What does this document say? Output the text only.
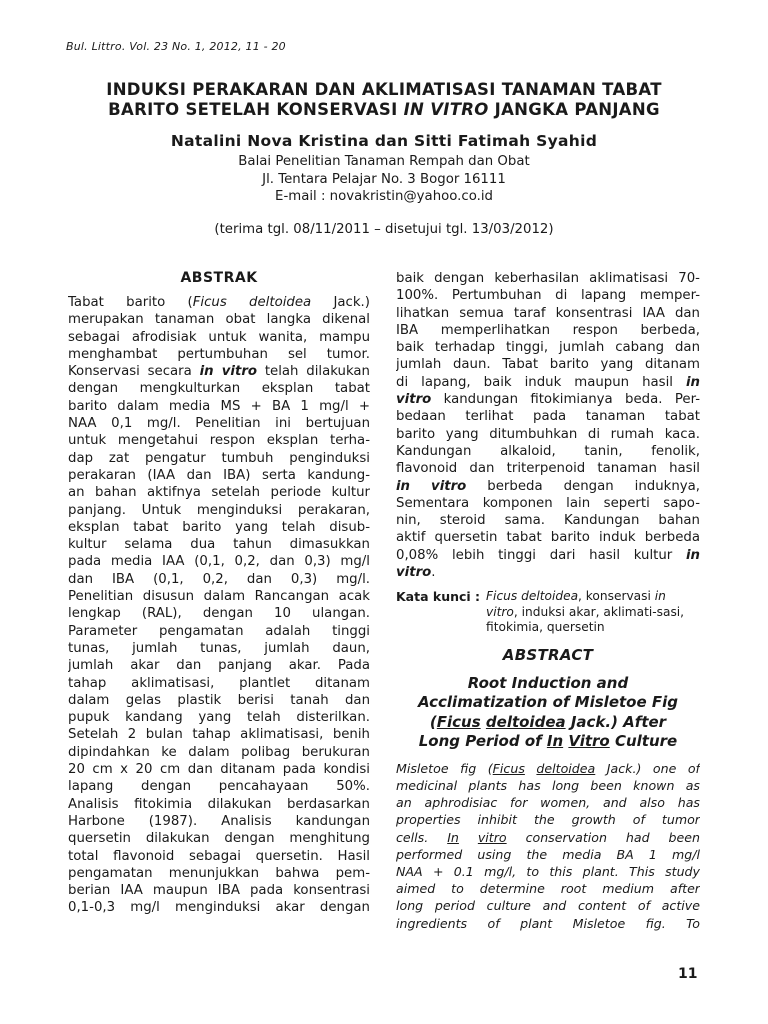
Bul. Littro. Vol. 23 No. 1, 2012, 11 - 20
INDUKSI PERAKARAN DAN AKLIMATISASI TANAMAN TABAT
BARITO SETELAH KONSERVASI IN VITRO JANGKA PANJANG
Natalini Nova Kristina dan Sitti Fatimah Syahid
Balai Penelitian Tanaman Rempah dan Obat
Jl. Tentara Pelajar No. 3 Bogor 16111
E-mail : novakristin@yahoo.co.id
(terima tgl. 08/11/2011 – disetujui tgl. 13/03/2012)
ABSTRAK
Tabat barito (Ficus deltoidea Jack.)
merupakan tanaman obat langka dikenal
sebagai afrodisiak untuk wanita, mampu
menghambat pertumbuhan sel tumor.
Konservasi secara in vitro telah dilakukan
dengan mengkulturkan eksplan tabat
barito dalam media MS + BA 1 mg/l +
NAA 0,1 mg/l. Penelitian ini bertujuan
untuk mengetahui respon eksplan terha-
dap zat pengatur tumbuh penginduksi
perakaran (IAA dan IBA) serta kandung-
an bahan aktifnya setelah periode kultur
panjang. Untuk menginduksi perakaran,
eksplan tabat barito yang telah disub-
kultur selama dua tahun dimasukkan
pada media IAA (0,1, 0,2, dan 0,3) mg/l
dan IBA (0,1, 0,2, dan 0,3) mg/l.
Penelitian disusun dalam Rancangan acak
lengkap (RAL), dengan 10 ulangan.
Parameter pengamatan adalah tinggi
tunas, jumlah tunas, jumlah daun,
jumlah akar dan panjang akar. Pada
tahap aklimatisasi, plantlet ditanam
dalam gelas plastik berisi tanah dan
pupuk kandang yang telah disterilkan.
Setelah 2 bulan tahap aklimatisasi, benih
dipindahkan ke dalam polibag berukuran
20 cm x 20 cm dan ditanam pada kondisi
lapang dengan pencahayaan 50%.
Analisis fitokimia dilakukan berdasarkan
Harbone (1987). Analisis kandungan
quersetin dilakukan dengan menghitung
total flavonoid sebagai quersetin. Hasil
pengamatan menunjukkan bahwa pem-
berian IAA maupun IBA pada konsentrasi
0,1-0,3 mg/l menginduksi akar dengan
baik dengan keberhasilan aklimatisasi 70-
100%. Pertumbuhan di lapang memper-
lihatkan semua taraf konsentrasi IAA dan
IBA memperlihatkan respon berbeda,
baik terhadap tinggi, jumlah cabang dan
jumlah daun. Tabat barito yang ditanam
di lapang, baik induk maupun hasil in
vitro kandungan fitokimianya beda. Per-
bedaan terlihat pada tanaman tabat
barito yang ditumbuhkan di rumah kaca.
Kandungan alkaloid, tanin, fenolik,
flavonoid dan triterpenoid tanaman hasil
in vitro berbeda dengan induknya,
Sementara komponen lain seperti sapo-
nin, steroid sama. Kandungan bahan
aktif quersetin tabat barito induk berbeda
0,08% lebih tinggi dari hasil kultur in
vitro.
Kata kunci : Ficus deltoidea, konservasi in vitro, induksi akar, aklimati-sasi, fitokimia, quersetin
ABSTRACT
Root Induction and
Acclimatization of Misletoe Fig
(Ficus deltoidea Jack.) After
Long Period of In Vitro Culture
Misletoe fig (Ficus deltoidea Jack.) one of
medicinal plants has long been known as
an aphrodisiac for women, and also has
properties inhibit the growth of tumor
cells. In vitro conservation had been
performed using the media BA 1 mg/l
NAA + 0.1 mg/l, to this plant. This study
aimed to determine root medium after
long period culture and content of active
ingredients of plant Misletoe fig. To
11
